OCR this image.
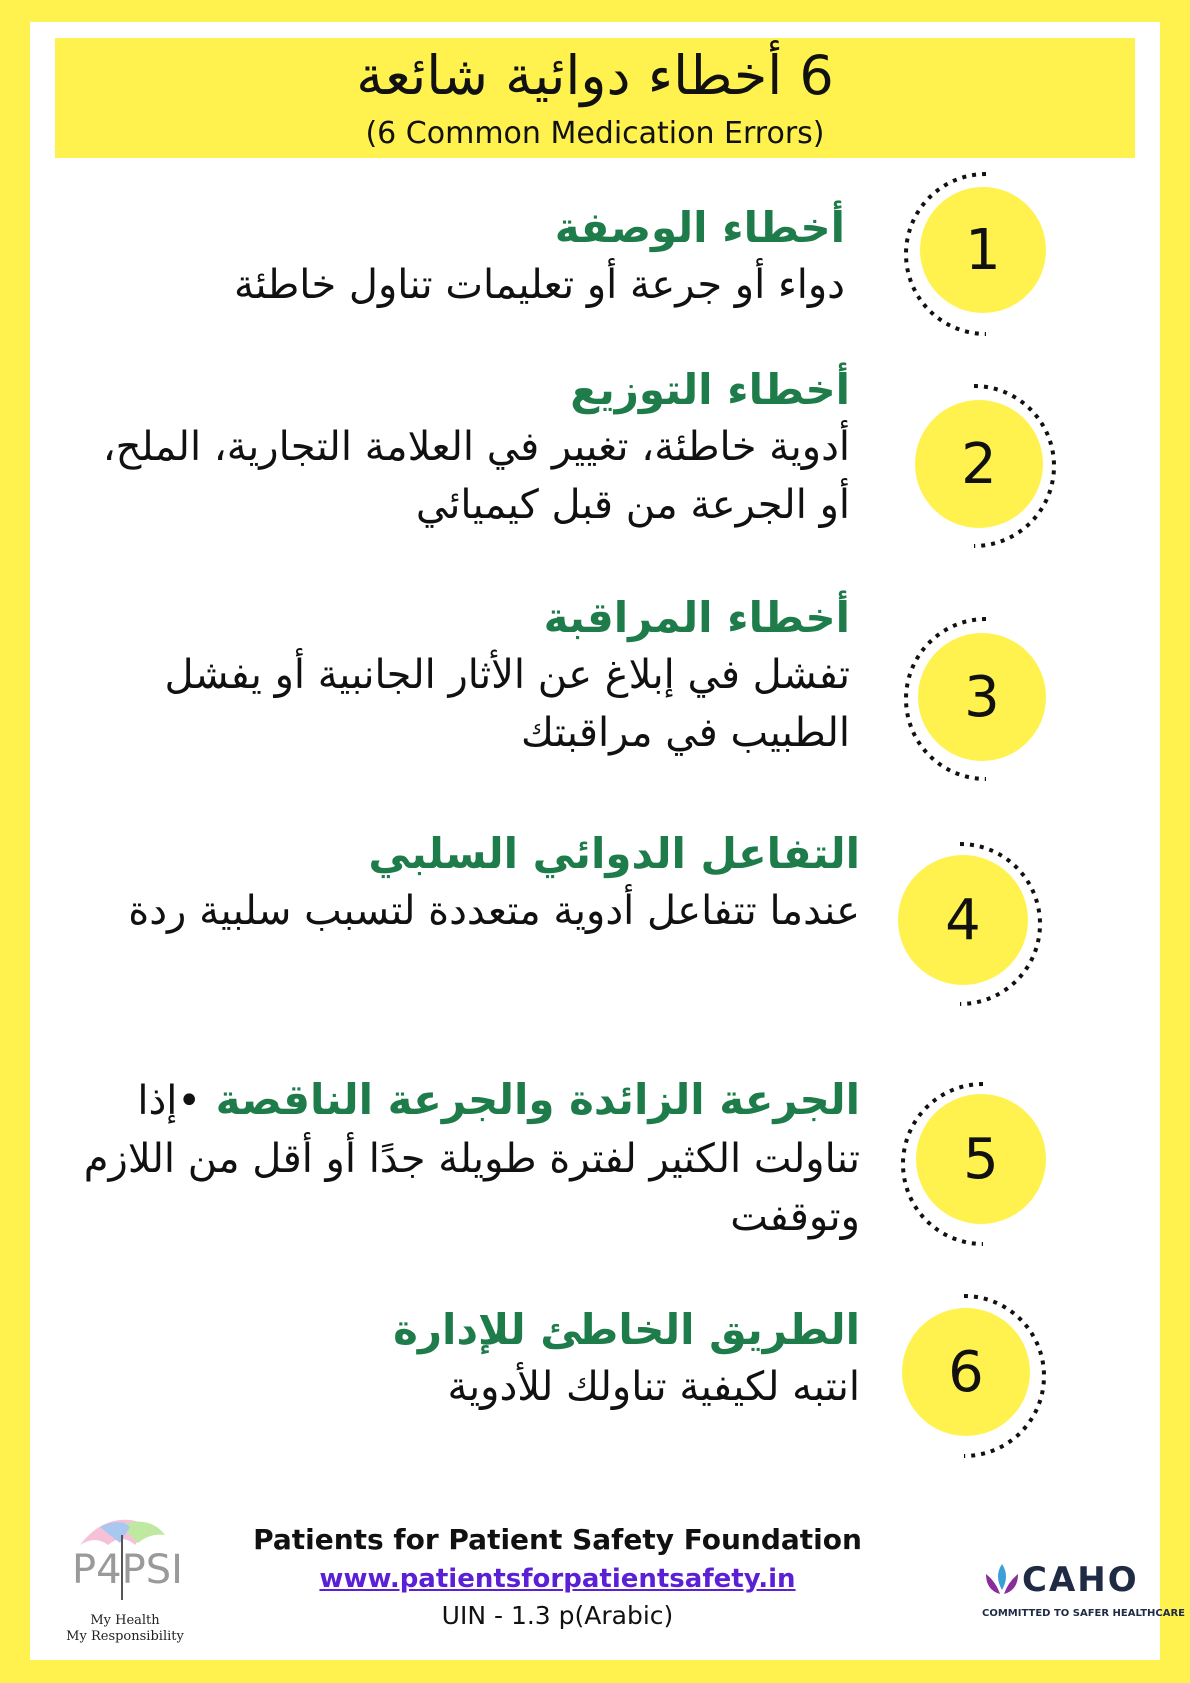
6 أخطاء دوائية شائعة
(6 Common Medication Errors)
أخطاء الوصفة
دواء أو جرعة أو تعليمات تناول خاطئة
1
أخطاء التوزيع
أدوية خاطئة، تغيير في العلامة التجارية، الملح، أو الجرعة من قبل كيميائي
2
أخطاء المراقبة
تفشل في إبلاغ عن الأثار الجانبية أو يفشل الطبيب في مراقبتك
3
التفاعل الدوائي السلبي
عندما تتفاعل أدوية متعددة لتسبب سلبية ردة	4
الجرعة الزائدة والجرعة الناقصة •إذا
تناولت الكثير لفترة طويلة جدًا أو أقل من اللازم وتوقفت
5
الطريق الخاطئ للإدارة
انتبه لكيفية تناولك للأدوية	6
P4PSI
My Health
My Responsibility
Patients for Patient Safety Foundation
www.patientsforpatientsafety.in
UIN - 1.3 p(Arabic)
CAHO
COMMITTED TO SAFER HEALTHCARE
